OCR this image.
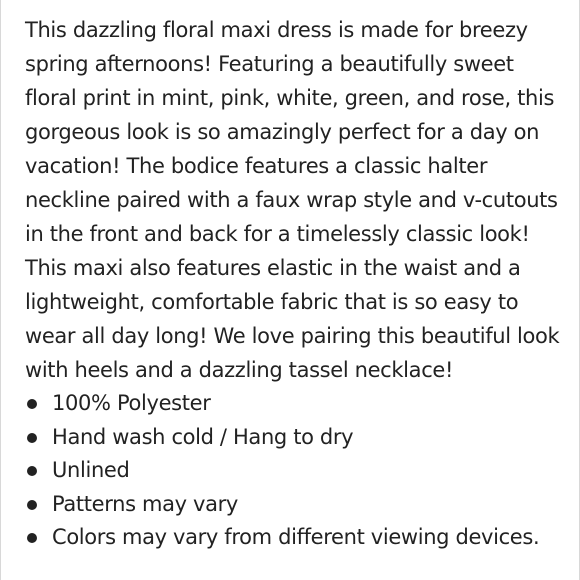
This dazzling floral maxi dress is made for breezy
spring afternoons! Featuring a beautifully sweet
floral print in mint, pink, white, green, and rose, this
gorgeous look is so amazingly perfect for a day on
vacation! The bodice features a classic halter
neckline paired with a faux wrap style and v-cutouts
in the front and back for a timelessly classic look!
This maxi also features elastic in the waist and a
lightweight, comfortable fabric that is so easy to
wear all day long! We love pairing this beautiful look
with heels and a dazzling tassel necklace!
100% Polyester
Hand wash cold / Hang to dry
Unlined
Patterns may vary
Colors may vary from different viewing devices.
